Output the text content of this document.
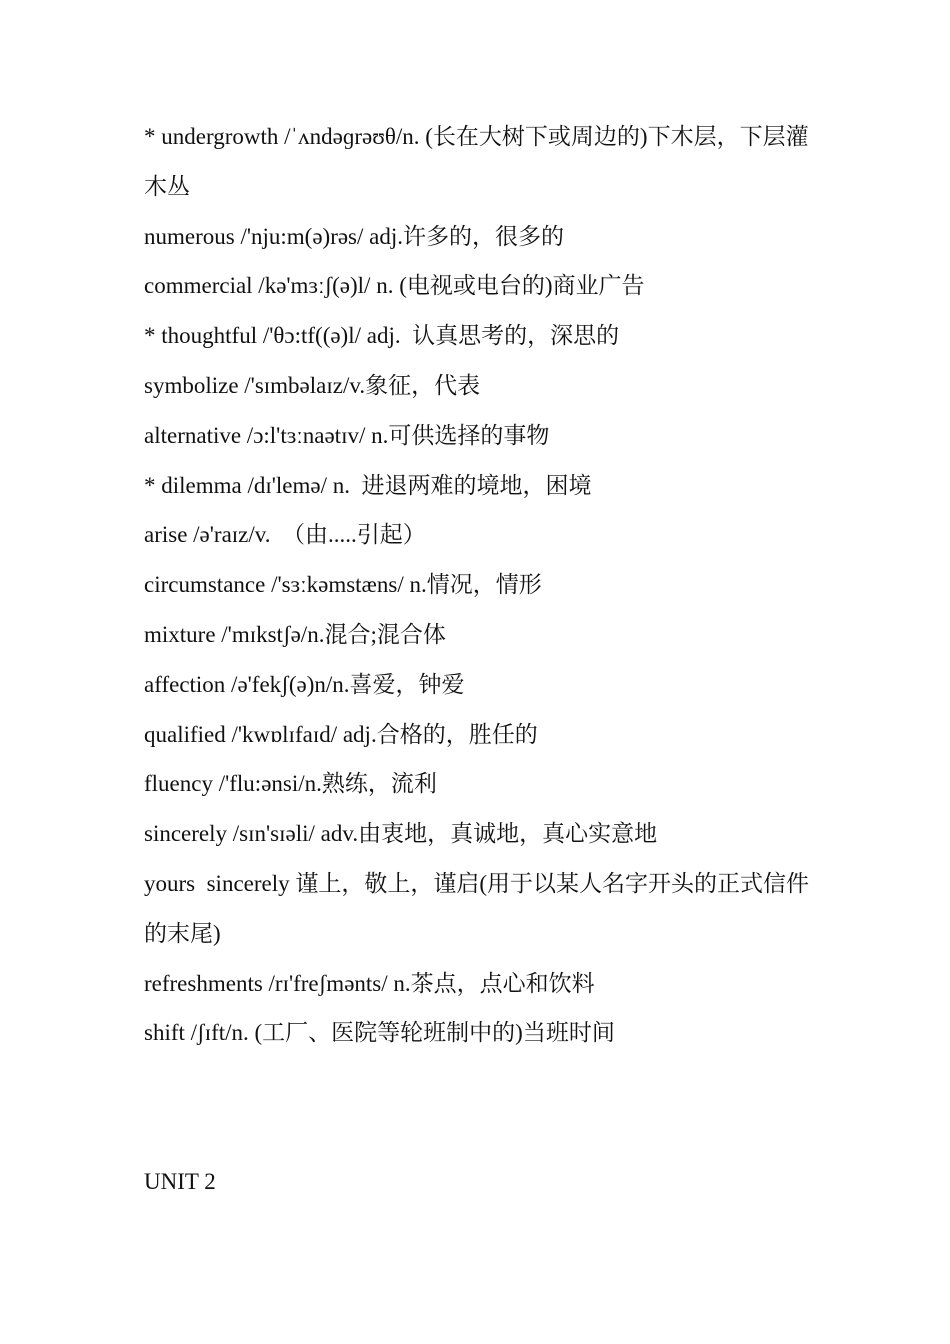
* undergrowth /ˈʌndəɡrəʊθ/n. (长在大树下或周边的)下木层，下层灌木丛
numerous /'nju:m(ə)rəs/ adj.许多的，很多的
commercial /kə'mɜːʃ(ə)l/ n. (电视或电台的)商业广告
* thoughtful /'θɔ:tf((ə)l/ adj.  认真思考的，深思的
symbolize /'sɪmbəlaɪz/v.象征，代表
alternative /ɔ:l'tɜːnaətɪv/ n.可供选择的事物
* dilemma /dɪ'lemə/ n.  进退两难的境地，困境
arise /ə'raɪz/v.  （由.....引起）
circumstance /'sɜːkəmstæns/ n.情况，情形
mixture /'mɪkstʃə/n.混合;混合体
affection /ə'fekʃ(ə)n/n.喜爱，钟爱
qualified /'kwɒlɪfaɪd/ adj.合格的，胜任的
fluency /'flu:ənsi/n.熟练，流利
sincerely /sɪn'sɪəli/ adv.由衷地，真诚地，真心实意地
yours  sincerely 谨上，敬上，谨启(用于以某人名字开头的正式信件的末尾)
refreshments /rɪ'freʃmənts/ n.茶点，点心和饮料
shift /ʃɪft/n. (工厂、医院等轮班制中的)当班时间
UNIT 2
